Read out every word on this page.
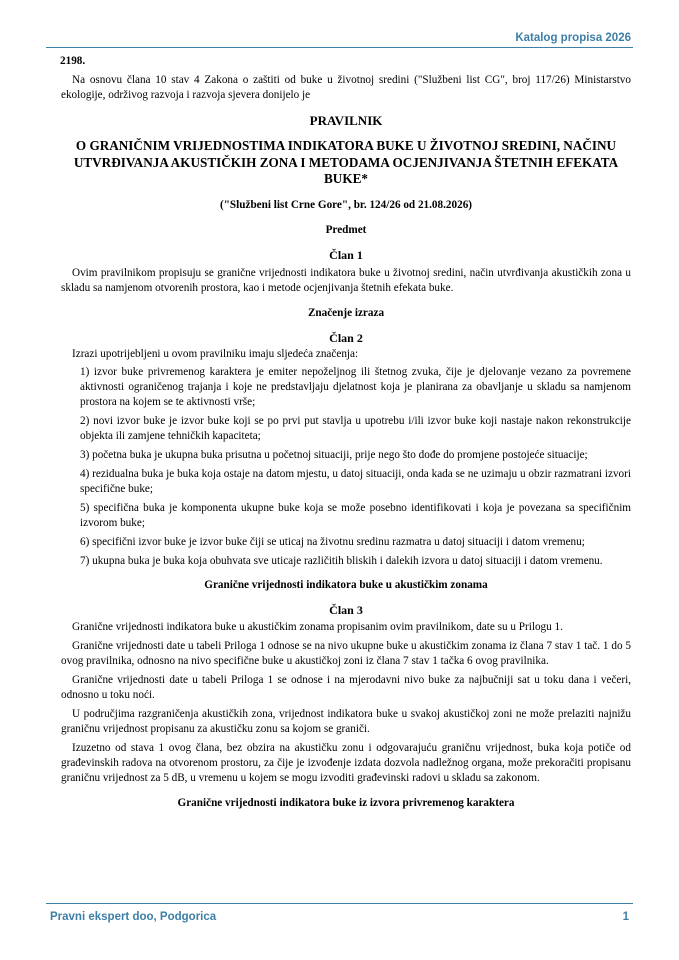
Katalog propisa 2026
2198.

Na osnovu člana 10 stav 4 Zakona o zaštiti od buke u životnoj sredini ("Službeni list CG", broj 117/26) Ministarstvo ekologije, održivog razvoja i razvoja sjevera donijelo je

PRAVILNIK

O GRANIČNIM VRIJEDNOSTIMA INDIKATORA BUKE U ŽIVOTNOJ SREDINI, NAČINU UTVRĐIVANJA AKUSTIČKIH ZONA I METODAMA OCJENJIVANJA ŠTETNIH EFEKATA BUKE*

("Službeni list Crne Gore", br. 124/26 od 21.08.2026)

Predmet

Član 1

Ovim pravilnikom propisuju se granične vrijednosti indikatora buke u životnoj sredini, način utvrđivanja akustičkih zona u skladu sa namjenom otvorenih prostora, kao i metode ocjenjivanja štetnih efekata buke.

Značenje izraza

Član 2

Izrazi upotrijebljeni u ovom pravilniku imaju sljedeća značenja:

1) izvor buke privremenog karaktera je emiter nepoželjnog ili štetnog zvuka, čije je djelovanje vezano za povremene aktivnosti ograničenog trajanja i koje ne predstavljaju djelatnost koja je planirana za obavljanje u skladu sa namjenom prostora na kojem se te aktivnosti vrše;

2) novi izvor buke je izvor buke koji se po prvi put stavlja u upotrebu i/ili izvor buke koji nastaje nakon rekonstrukcije objekta ili zamjene tehničkih kapaciteta;

3) početna buka je ukupna buka prisutna u početnoj situaciji, prije nego što dođe do promjene postojeće situacije;

4) rezidualna buka je buka koja ostaje na datom mjestu, u datoj situaciji, onda kada se ne uzimaju u obzir razmatrani izvori specifične buke;

5) specifična buka je komponenta ukupne buke koja se može posebno identifikovati i koja je povezana sa specifičnim izvorom buke;

6) specifični izvor buke je izvor buke čiji se uticaj na životnu sredinu razmatra u datoj situaciji i datom vremenu;

7) ukupna buka je buka koja obuhvata sve uticaje različitih bliskih i dalekih izvora u datoj situaciji i datom vremenu.

Granične vrijednosti indikatora buke u akustičkim zonama

Član 3

Granične vrijednosti indikatora buke u akustičkim zonama propisanim ovim pravilnikom, date su u Prilogu 1.

Granične vrijednosti date u tabeli Priloga 1 odnose se na nivo ukupne buke u akustičkim zonama iz člana 7 stav 1 tač. 1 do 5 ovog pravilnika, odnosno na nivo specifične buke u akustičkoj zoni iz člana 7 stav 1 tačka 6 ovog pravilnika.

Granične vrijednosti date u tabeli Priloga 1 se odnose i na mjerodavni nivo buke za najbučniji sat u toku dana i večeri, odnosno u toku noći.

U područjima razgraničenja akustičkih zona, vrijednost indikatora buke u svakoj akustičkoj zoni ne može prelaziti najnižu graničnu vrijednost propisanu za akustičku zonu sa kojom se graniči.

Izuzetno od stava 1 ovog člana, bez obzira na akustičku zonu i odgovarajuću graničnu vrijednost, buka koja potiče od građevinskih radova na otvorenom prostoru, za čije je izvođenje izdata dozvola nadležnog organa, može prekoračiti propisanu graničnu vrijednost za 5 dB, u vremenu u kojem se mogu izvoditi građevinski radovi u skladu sa zakonom.

Granične vrijednosti indikatora buke iz izvora privremenog karaktera

Pravni ekspert doo, Podgorica	1
